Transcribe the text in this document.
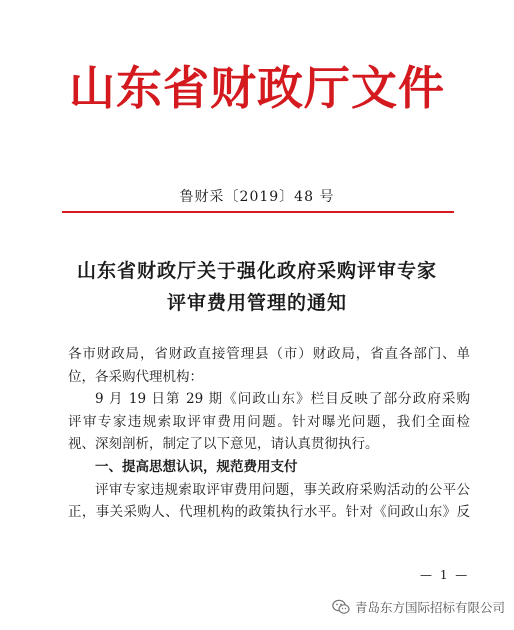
山东省财政厅文件
鲁财采〔2019〕48 号
山东省财政厅关于强化政府采购评审专家
评审费用管理的通知

各市财政局，省财政直接管理县（市）财政局，省直各部门、单

位，各采购代理机构：

9 月 19 日第 29 期《问政山东》栏目反映了部分政府采购

评审专家违规索取评审费用问题。针对曝光问题，我们全面检

视、深刻剖析，制定了以下意见，请认真贯彻执行。

一、提高思想认识，规范费用支付

评审专家违规索取评审费用问题，事关政府采购活动的公平公

正，事关采购人、代理机构的政策执行水平。针对《问政山东》反

— 1 —
青岛东方国际招标有限公司
